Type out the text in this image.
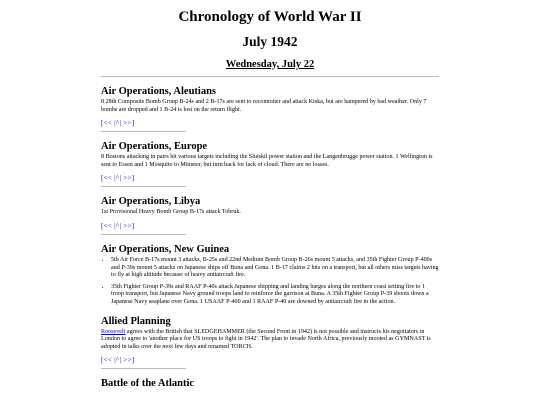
Chronology of World War II
July 1942
Wednesday, July 22
Air Operations, Aleutians

8 28th Composite Bomb Group B-24s and 2 B-17s are sent to reconnoiter and attack Kiska, but are hampered by bad weather. Only 7 bombs are dropped and 1 B-24 is lost on the return flight.

[<< |^| >>]
Air Operations, Europe

8 Bostons attacking in pairs hit various targets including the Sluiskil power station and the Langenbrugge power station. 1 Wellington is sent to Essen and 1 Mosquito to Münster, but turn back for lack of cloud. There are no losses.

[<< |^| >>]
Air Operations, Libya

1st Provisional Heavy Bomb Group B-17s attack Tobruk.

[<< |^| >>]
Air Operations, New Guinea
• 5th Air Force B-17s mount 3 attacks, B-25s and 22nd Medium Bomb Group B-26s mount 5 attacks, and 35th Fighter Group P-400s and P-39s mount 5 attacks on Japanese ships off Buna and Gona. 1 B-17 claims 2 hits on a transport, but all others miss targets having to fly at high altitude because of heavy antiaircraft fire.
• 35th Fighter Group P-39s and RAAF P-40s attack Japanese shipping and landing barges along the northern coast setting fire to 1 troop transport, but Japanese Navy ground troops land to reinforce the garrison at Buna. A 35th Fighter Group P-39 shoots down a Japanese Navy seaplane over Gona. 1 USAAF P-400 and 1 RAAF P-40 are downed by antiaircraft fire in the action.
Allied Planning

Roosevelt agrees with the British that SLEDGEHAMMER (the Second Front in 1942) is not possible and instructs his negotiators in London to agree to 'another place for US troops to fight in 1942'. The plan to invade North Africa, previously mooted as GYMNAST is adopted in talks over the next few days and renamed TORCH.

[<< |^| >>]
Battle of the Atlantic
